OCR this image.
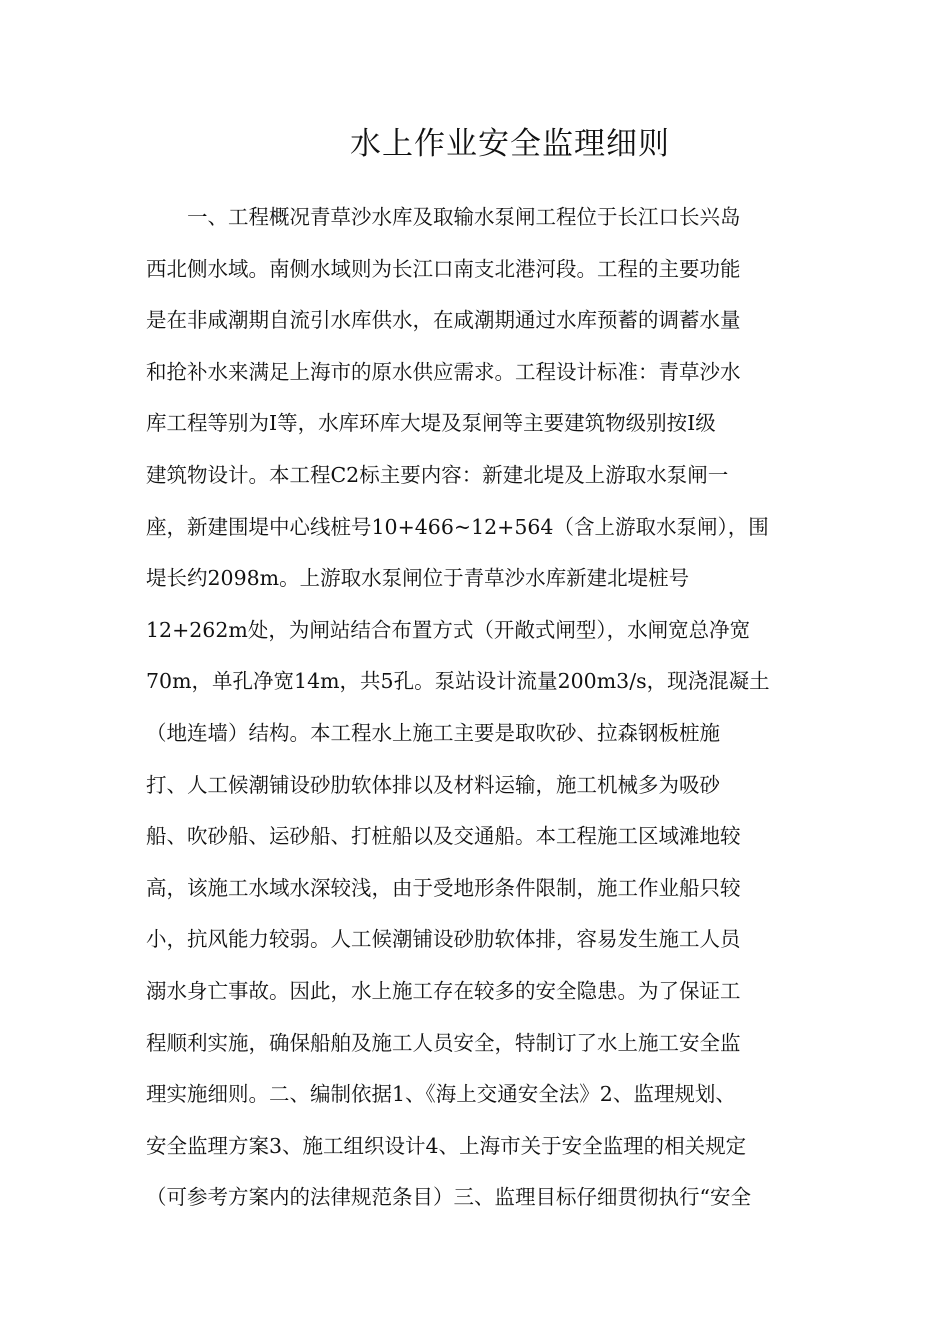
水上作业安全监理细则
　　一、工程概况青草沙水库及取输水泵闸工程位于长江口长兴岛
西北侧水域。南侧水域则为长江口南支北港河段。工程的主要功能
是在非咸潮期自流引水库供水，在咸潮期通过水库预蓄的调蓄水量
和抢补水来满足上海市的原水供应需求。工程设计标准：青草沙水
库工程等别为Ⅰ等，水库环库大堤及泵闸等主要建筑物级别按Ⅰ级
建筑物设计。本工程C2标主要内容：新建北堤及上游取水泵闸一
座，新建围堤中心线桩号10+466~12+564（含上游取水泵闸），围
堤长约2098m。上游取水泵闸位于青草沙水库新建北堤桩号
12+262m处，为闸站结合布置方式（开敞式闸型），水闸宽总净宽
70m，单孔净宽14m，共5孔。泵站设计流量200m3/s，现浇混凝土
（地连墙）结构。本工程水上施工主要是取吹砂、拉森钢板桩施
打、人工候潮铺设砂肋软体排以及材料运输，施工机械多为吸砂
船、吹砂船、运砂船、打桩船以及交通船。本工程施工区域滩地较
高，该施工水域水深较浅，由于受地形条件限制，施工作业船只较
小，抗风能力较弱。人工候潮铺设砂肋软体排，容易发生施工人员
溺水身亡事故。因此，水上施工存在较多的安全隐患。为了保证工
程顺利实施，确保船舶及施工人员安全，特制订了水上施工安全监
理实施细则。二、编制依据1、《海上交通安全法》2、监理规划、
安全监理方案3、施工组织设计4、上海市关于安全监理的相关规定
（可参考方案内的法律规范条目）三、监理目标仔细贯彻执行“安全
